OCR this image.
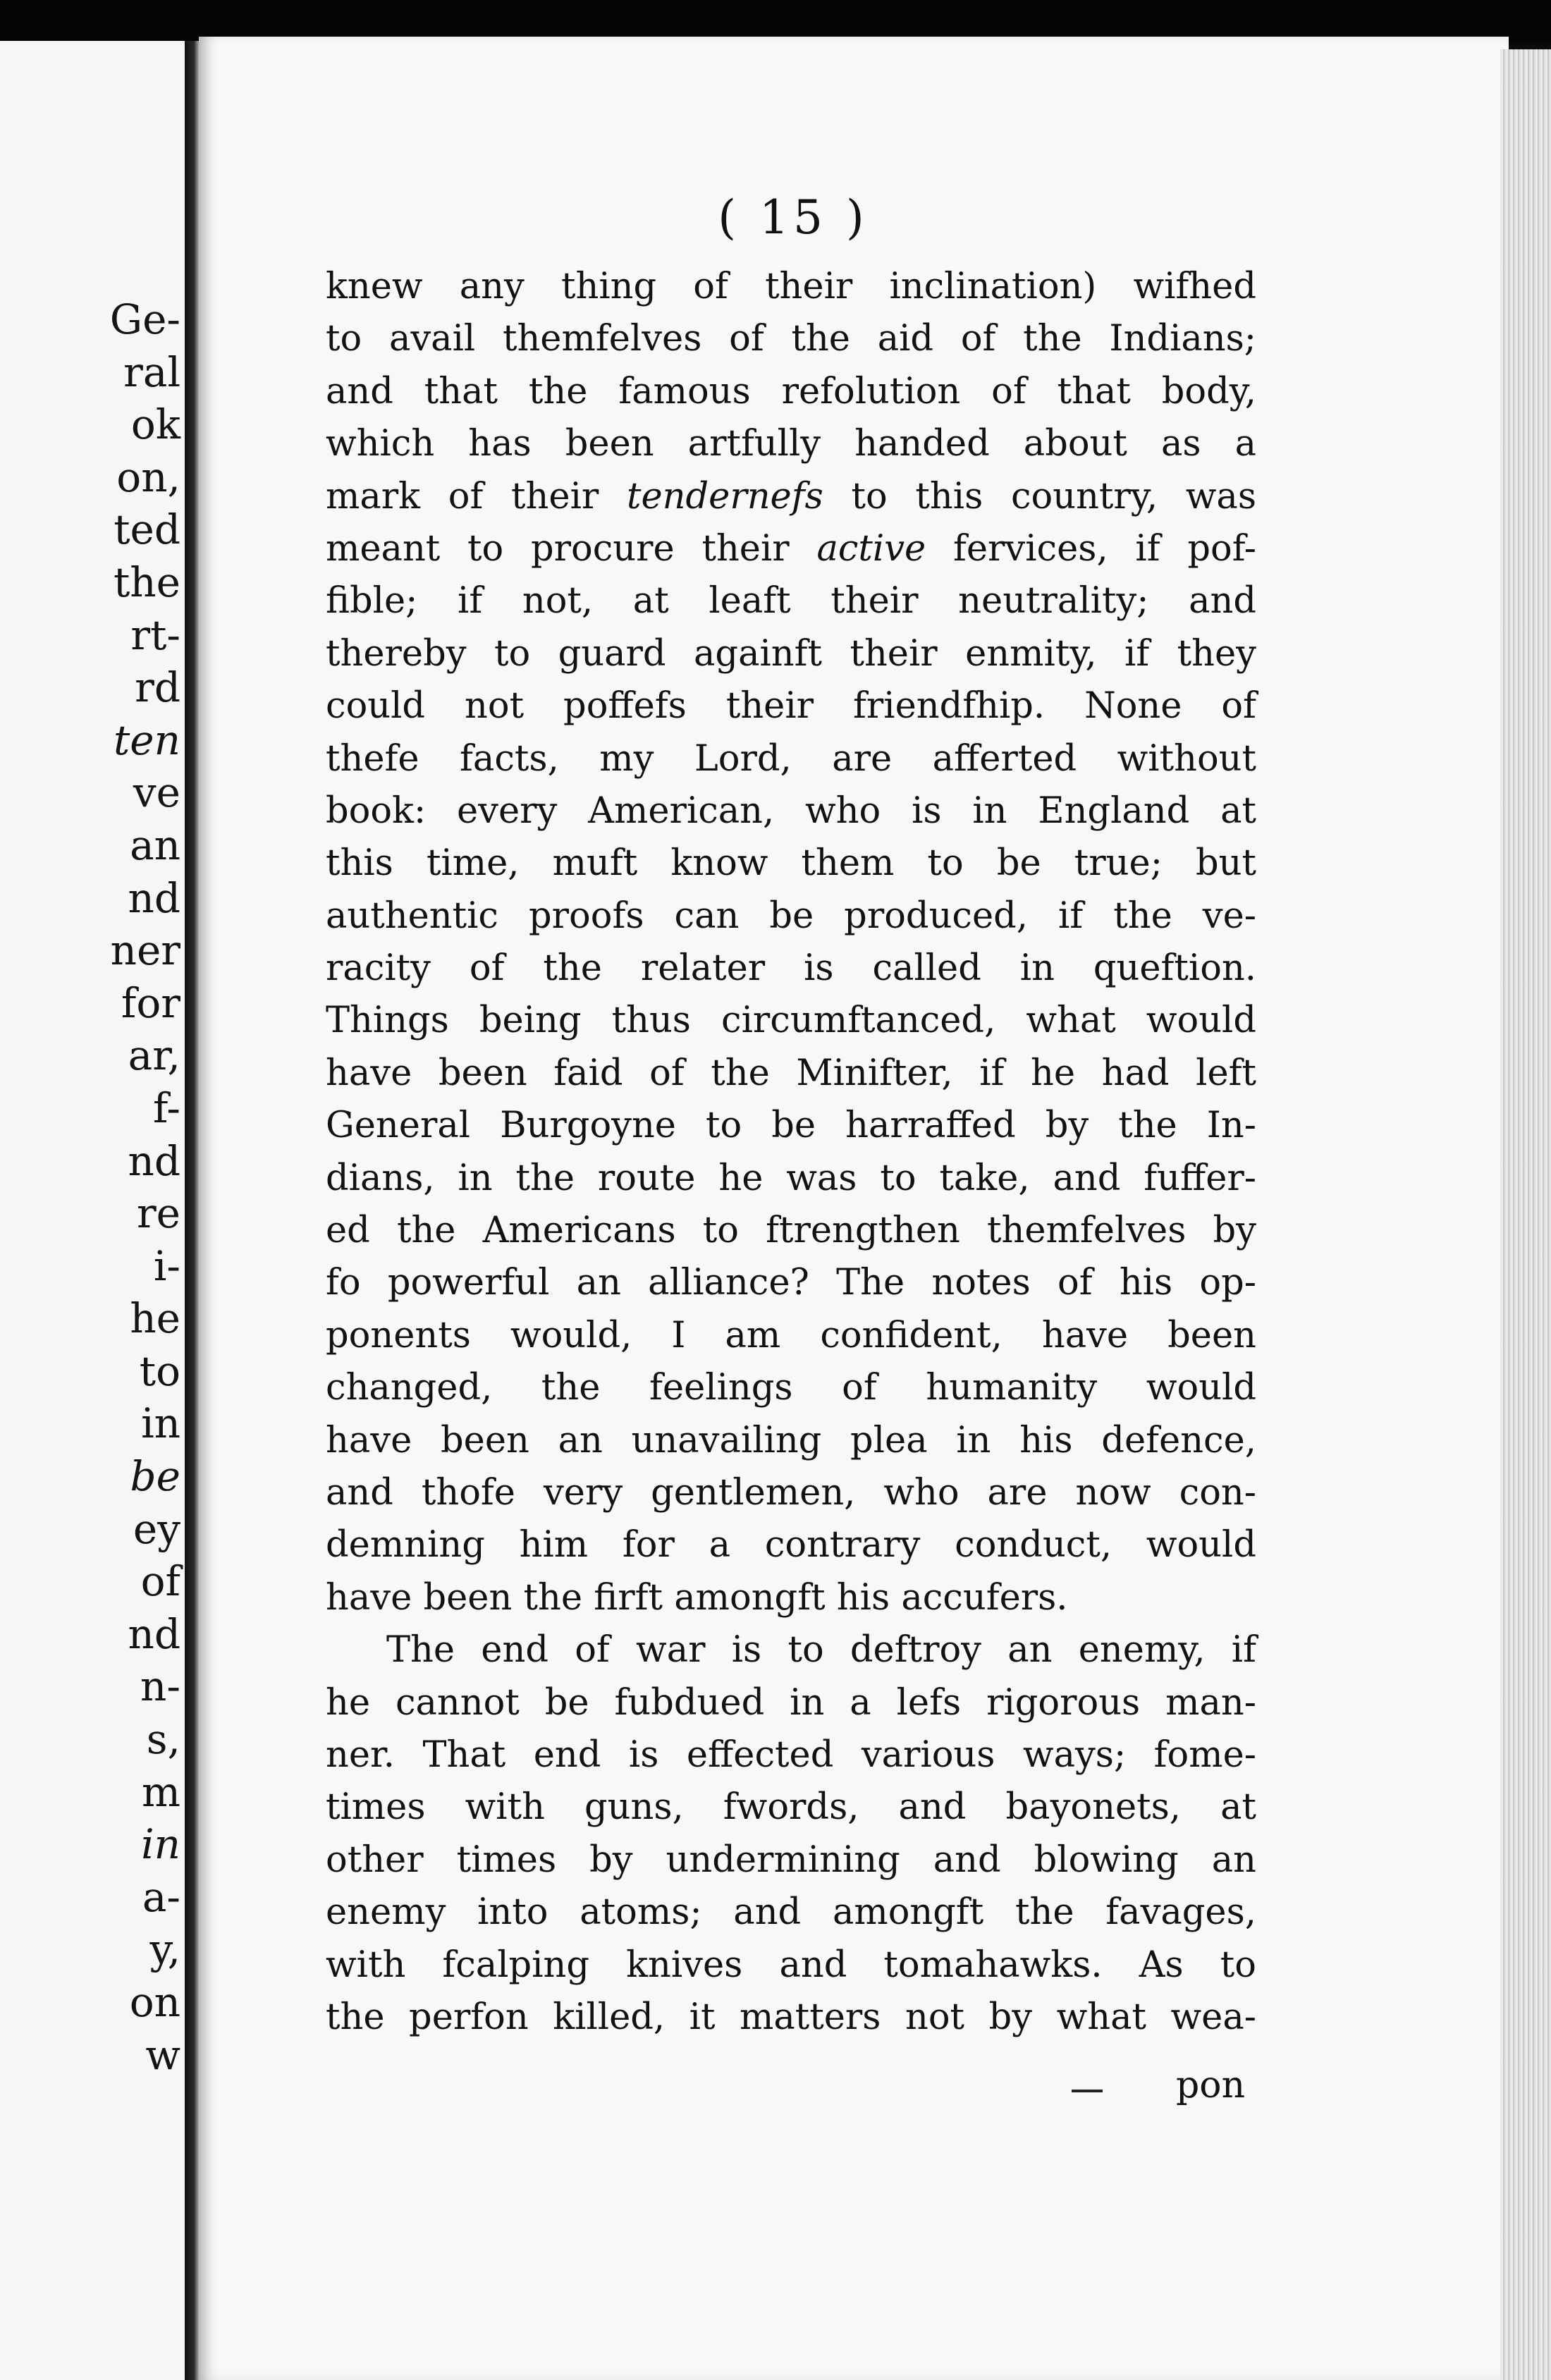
Ge-
ral
ok
on,
ted
the
rt-
rd
ten
ve
an
nd
ner
for
ar,
f-
nd
re
i-
he
to
in
be
ey
of
nd
n-
s,
m
in
a-
y,
on
w
( 15 )
knew any thing of their inclination) wifhed
to avail themfelves of the aid of the Indians;
and that the famous refolution of that body,
which has been artfully handed about as a
mark of their tendernefs to this country, was
meant to procure their active fervices, if pof-
fible; if not, at leaft their neutrality; and
thereby to guard againft their enmity, if they
could not poffefs their friendfhip. None of
thefe facts, my Lord, are afferted without
book: every American, who is in England at
this time, muft know them to be true; but
authentic proofs can be produced, if the ve-
racity of the relater is called in queftion.
Things being thus circumftanced, what would
have been faid of the Minifter, if he had left
General Burgoyne to be harraffed by the In-
dians, in the route he was to take, and fuffer-
ed the Americans to ftrengthen themfelves by
fo powerful an alliance? The notes of his op-
ponents would, I am confident, have been
changed, the feelings of humanity would
have been an unavailing plea in his defence,
and thofe very gentlemen, who are now con-
demning him for a contrary conduct, would
have been the firft amongft his accufers.
The end of war is to deftroy an enemy, if
he cannot be fubdued in a lefs rigorous man-
ner. That end is effected various ways; fome-
times with guns, fwords, and bayonets, at
other times by undermining and blowing an
enemy into atoms; and amongft the favages,
with fcalping knives and tomahawks. As to
the perfon killed, it matters not by what wea-
pon
